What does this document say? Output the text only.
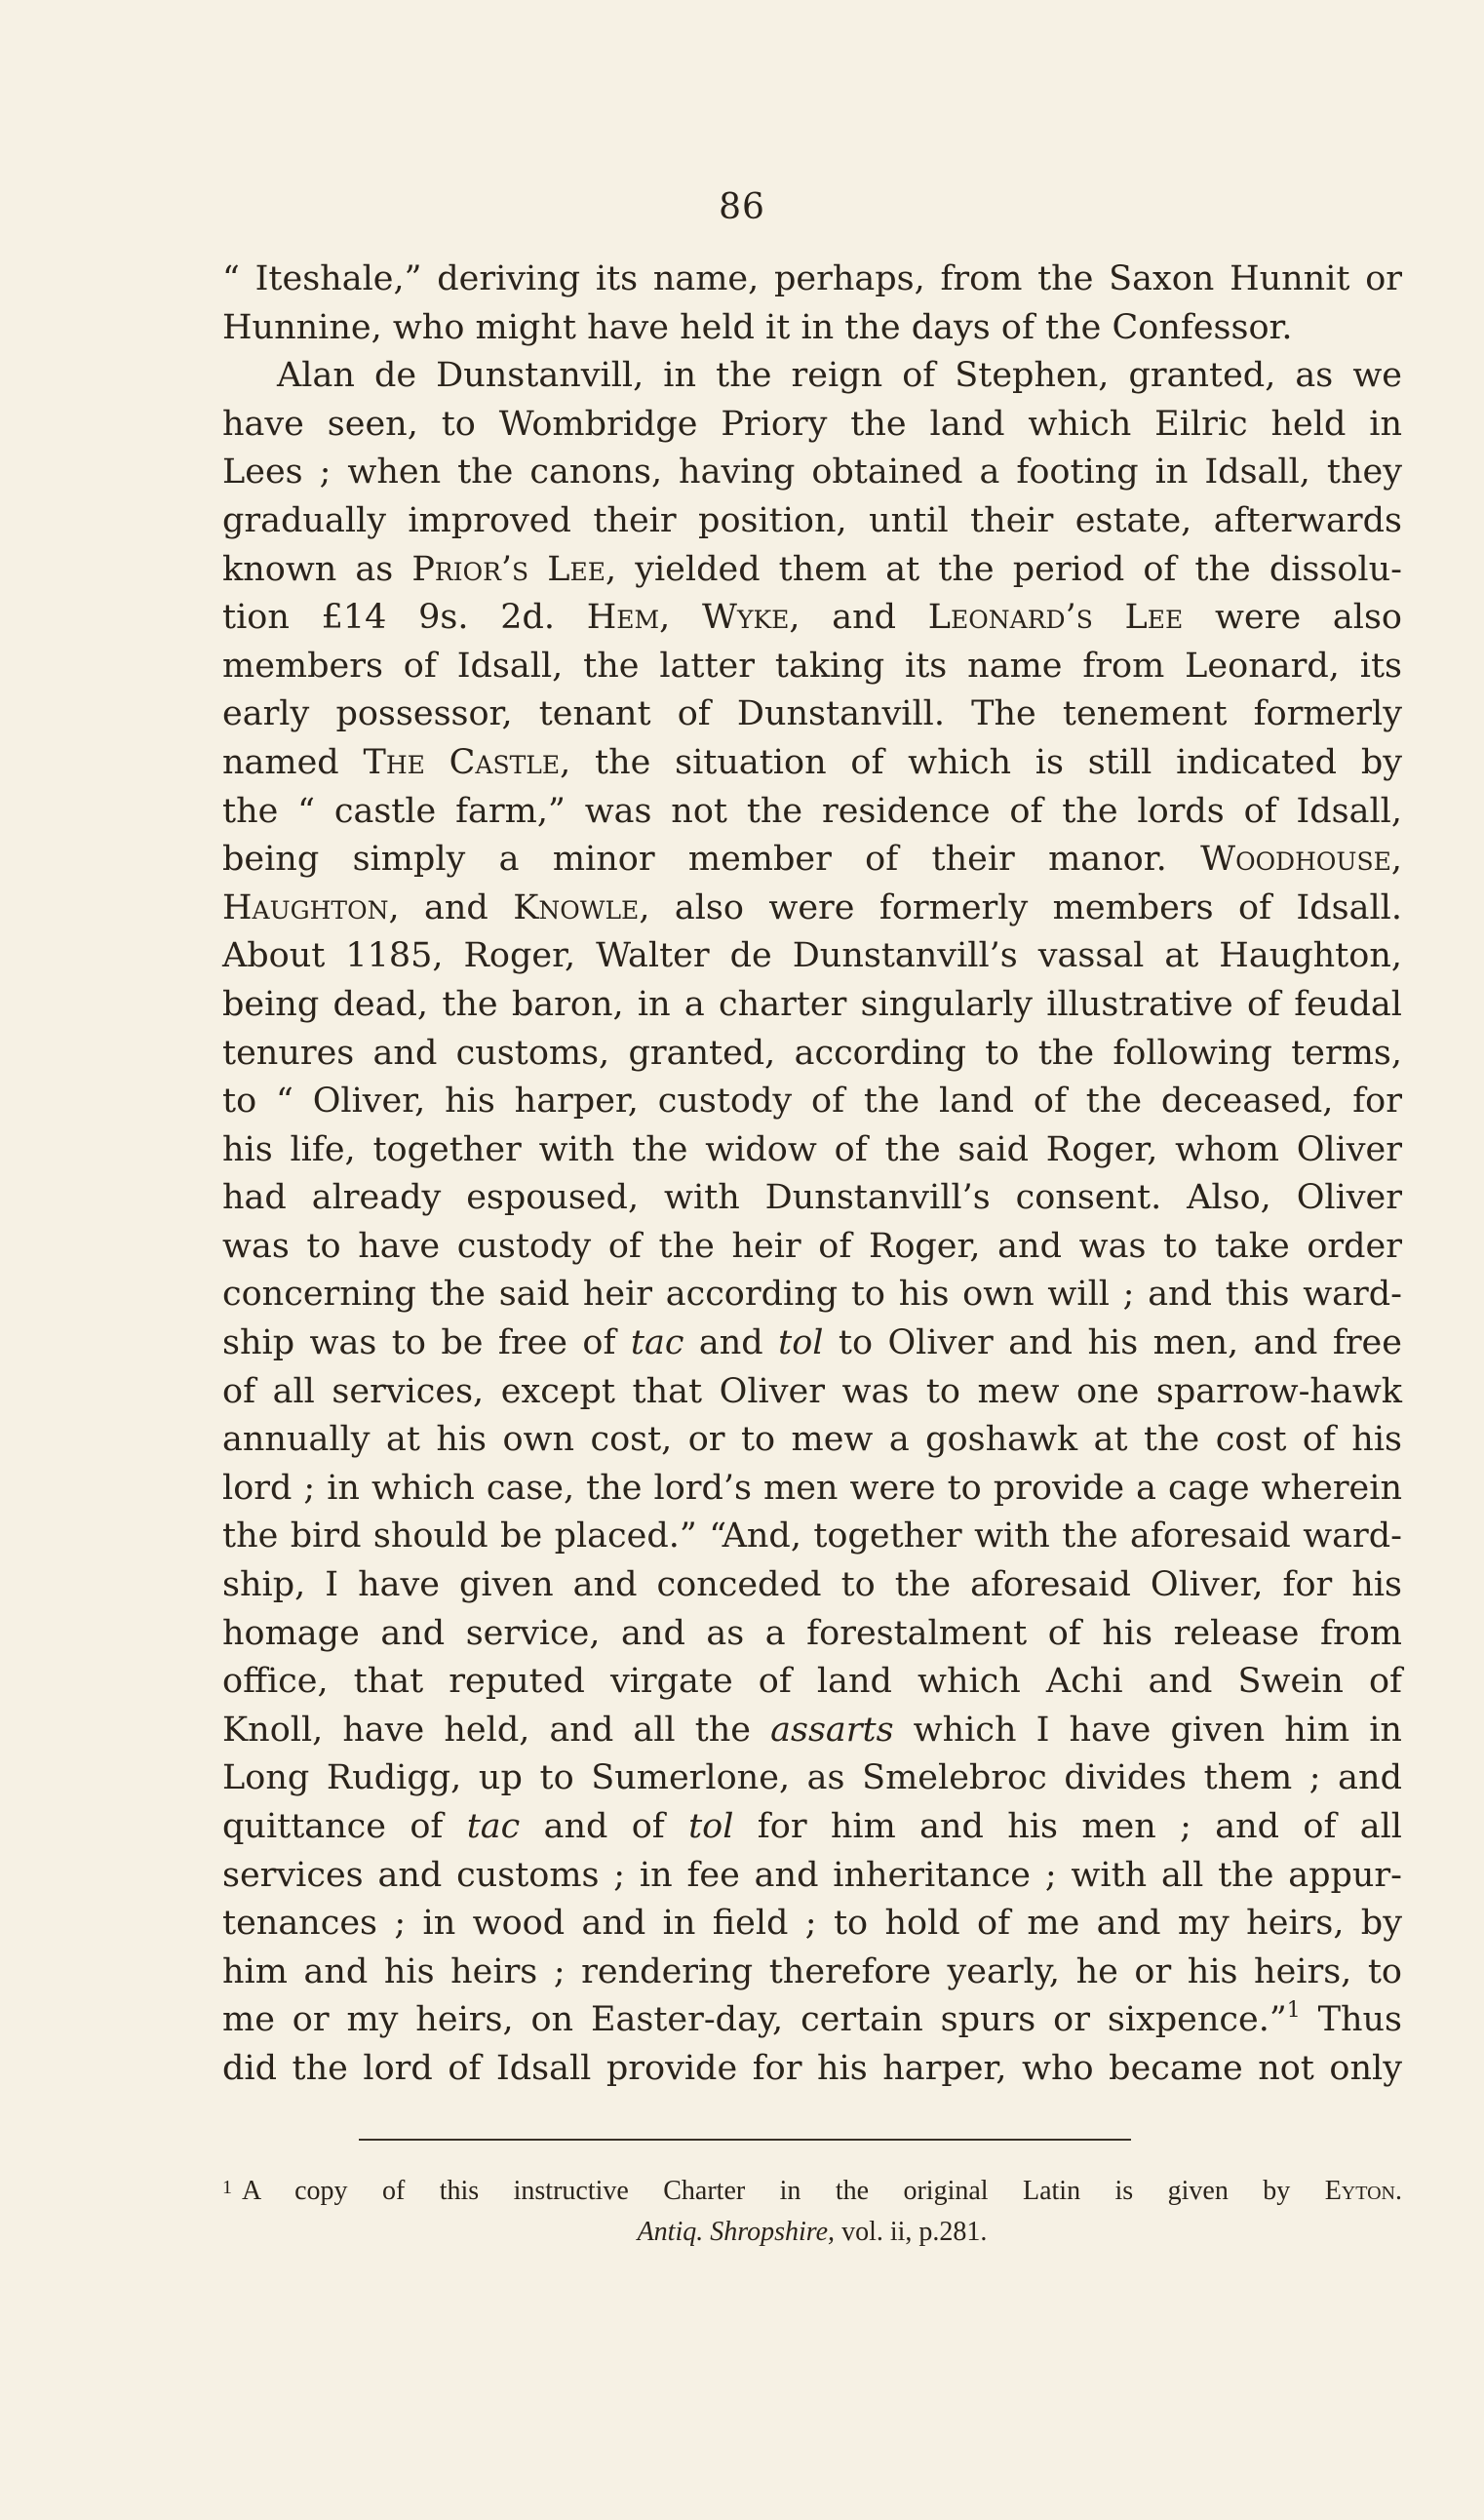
86
“ Iteshale,” deriving its name, perhaps, from the Saxon Hunnit or
Hunnine, who might have held it in the days of the Confessor.
Alan de Dunstanvill, in the reign of Stephen, granted, as we
have seen, to Wombridge Priory the land which Eilric held in
Lees ; when the canons, having obtained a footing in Idsall, they
gradually improved their position, until their estate, afterwards
known as Prior’s Lee, yielded them at the period of the dissolu-
tion £14 9s. 2d. Hem, Wyke, and Leonard’s Lee were also
members of Idsall, the latter taking its name from Leonard, its
early possessor, tenant of Dunstanvill. The tenement formerly
named The Castle, the situation of which is still indicated by
the “ castle farm,” was not the residence of the lords of Idsall,
being simply a minor member of their manor. Woodhouse,
Haughton, and Knowle, also were formerly members of Idsall.
About 1185, Roger, Walter de Dunstanvill’s vassal at Haughton,
being dead, the baron, in a charter singularly illustrative of feudal
tenures and customs, granted, according to the following terms,
to “ Oliver, his harper, custody of the land of the deceased, for
his life, together with the widow of the said Roger, whom Oliver
had already espoused, with Dunstanvill’s consent. Also, Oliver
was to have custody of the heir of Roger, and was to take order
concerning the said heir according to his own will ; and this ward-
ship was to be free of tac and tol to Oliver and his men, and free
of all services, except that Oliver was to mew one sparrow-hawk
annually at his own cost, or to mew a goshawk at the cost of his
lord ; in which case, the lord’s men were to provide a cage wherein
the bird should be placed.” “And, together with the aforesaid ward-
ship, I have given and conceded to the aforesaid Oliver, for his
homage and service, and as a forestalment of his release from
office, that reputed virgate of land which Achi and Swein of
Knoll, have held, and all the assarts which I have given him in
Long Rudigg, up to Sumerlone, as Smelebroc divides them ; and
quittance of tac and of tol for him and his men ; and of all
services and customs ; in fee and inheritance ; with all the appur-
tenances ; in wood and in field ; to hold of me and my heirs, by
him and his heirs ; rendering therefore yearly, he or his heirs, to
me or my heirs, on Easter-day, certain spurs or sixpence.”$^1$ Thus
did the lord of Idsall provide for his harper, who became not only
$^1$ A copy of this instructive Charter in the original Latin is given by Eyton.
Antiq. Shropshire, vol. ii, p.281.
